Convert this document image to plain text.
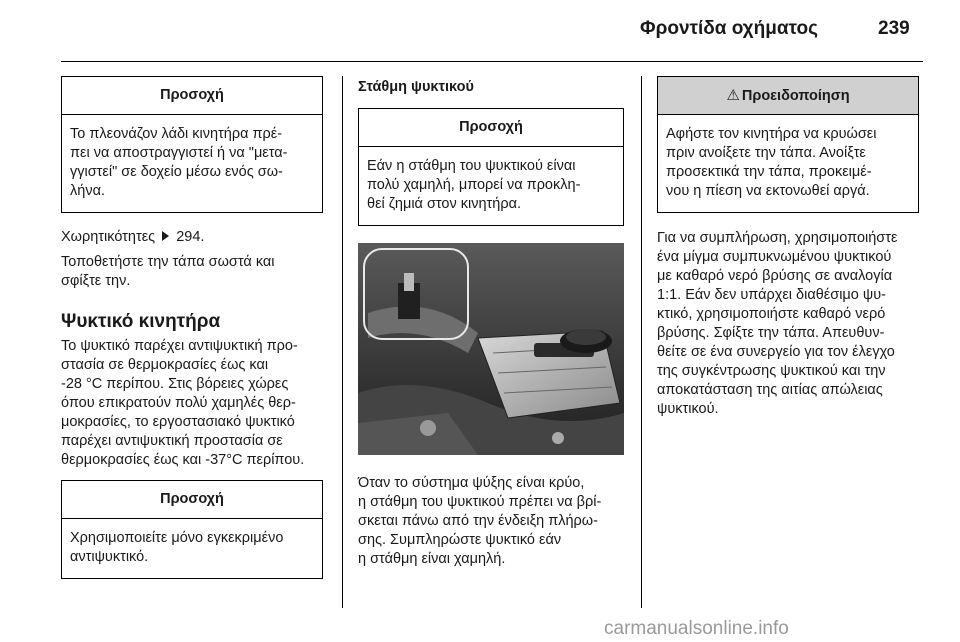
Φροντίδα οχήματος	239
Προσοχή
Το πλεονάζον λάδι κινητήρα πρέ-
πει να αποστραγγιστεί ή να "μετα-
γγιστεί" σε δοχείο μέσω ενός σω-
λήνα.
Χωρητικότητες 294.
Τοποθετήστε την τάπα σωστά και
σφίξτε την.
Ψυκτικό κινητήρα
Το ψυκτικό παρέχει αντιψυκτική προ-
στασία σε θερμοκρασίες έως και
-28 °C περίπου. Στις βόρειες χώρες
όπου επικρατούν πολύ χαμηλές θερ-
μοκρασίες, το εργοστασιακό ψυκτικό
παρέχει αντιψυκτική προστασία σε
θερμοκρασίες έως και -37°C περίπου.
Προσοχή
Χρησιμοποιείτε μόνο εγκεκριμένο
αντιψυκτικό.
Στάθμη ψυκτικού
Προσοχή
Εάν η στάθμη του ψυκτικού είναι
πολύ χαμηλή, μπορεί να προκλη-
θεί ζημιά στον κινητήρα.
Όταν το σύστημα ψύξης είναι κρύο,
η στάθμη του ψυκτικού πρέπει να βρί-
σκεται πάνω από την ένδειξη πλήρω-
σης. Συμπληρώστε ψυκτικό εάν
η στάθμη είναι χαμηλή.
⚠ Προειδοποίηση
Αφήστε τον κινητήρα να κρυώσει
πριν ανοίξετε την τάπα. Ανοίξτε
προσεκτικά την τάπα, προκειμέ-
νου η πίεση να εκτονωθεί αργά.
Για να συμπλήρωση, χρησιμοποιήστε
ένα μίγμα συμπυκνωμένου ψυκτικού
με καθαρό νερό βρύσης σε αναλογία
1:1. Εάν δεν υπάρχει διαθέσιμο ψυ-
κτικό, χρησιμοποιήστε καθαρό νερό
βρύσης. Σφίξτε την τάπα. Απευθυν-
θείτε σε ένα συνεργείο για τον έλεγχο
της συγκέντρωσης ψυκτικού και την
αποκατάσταση της αιτίας απώλειας
ψυκτικού.
carmanualsonline.info
